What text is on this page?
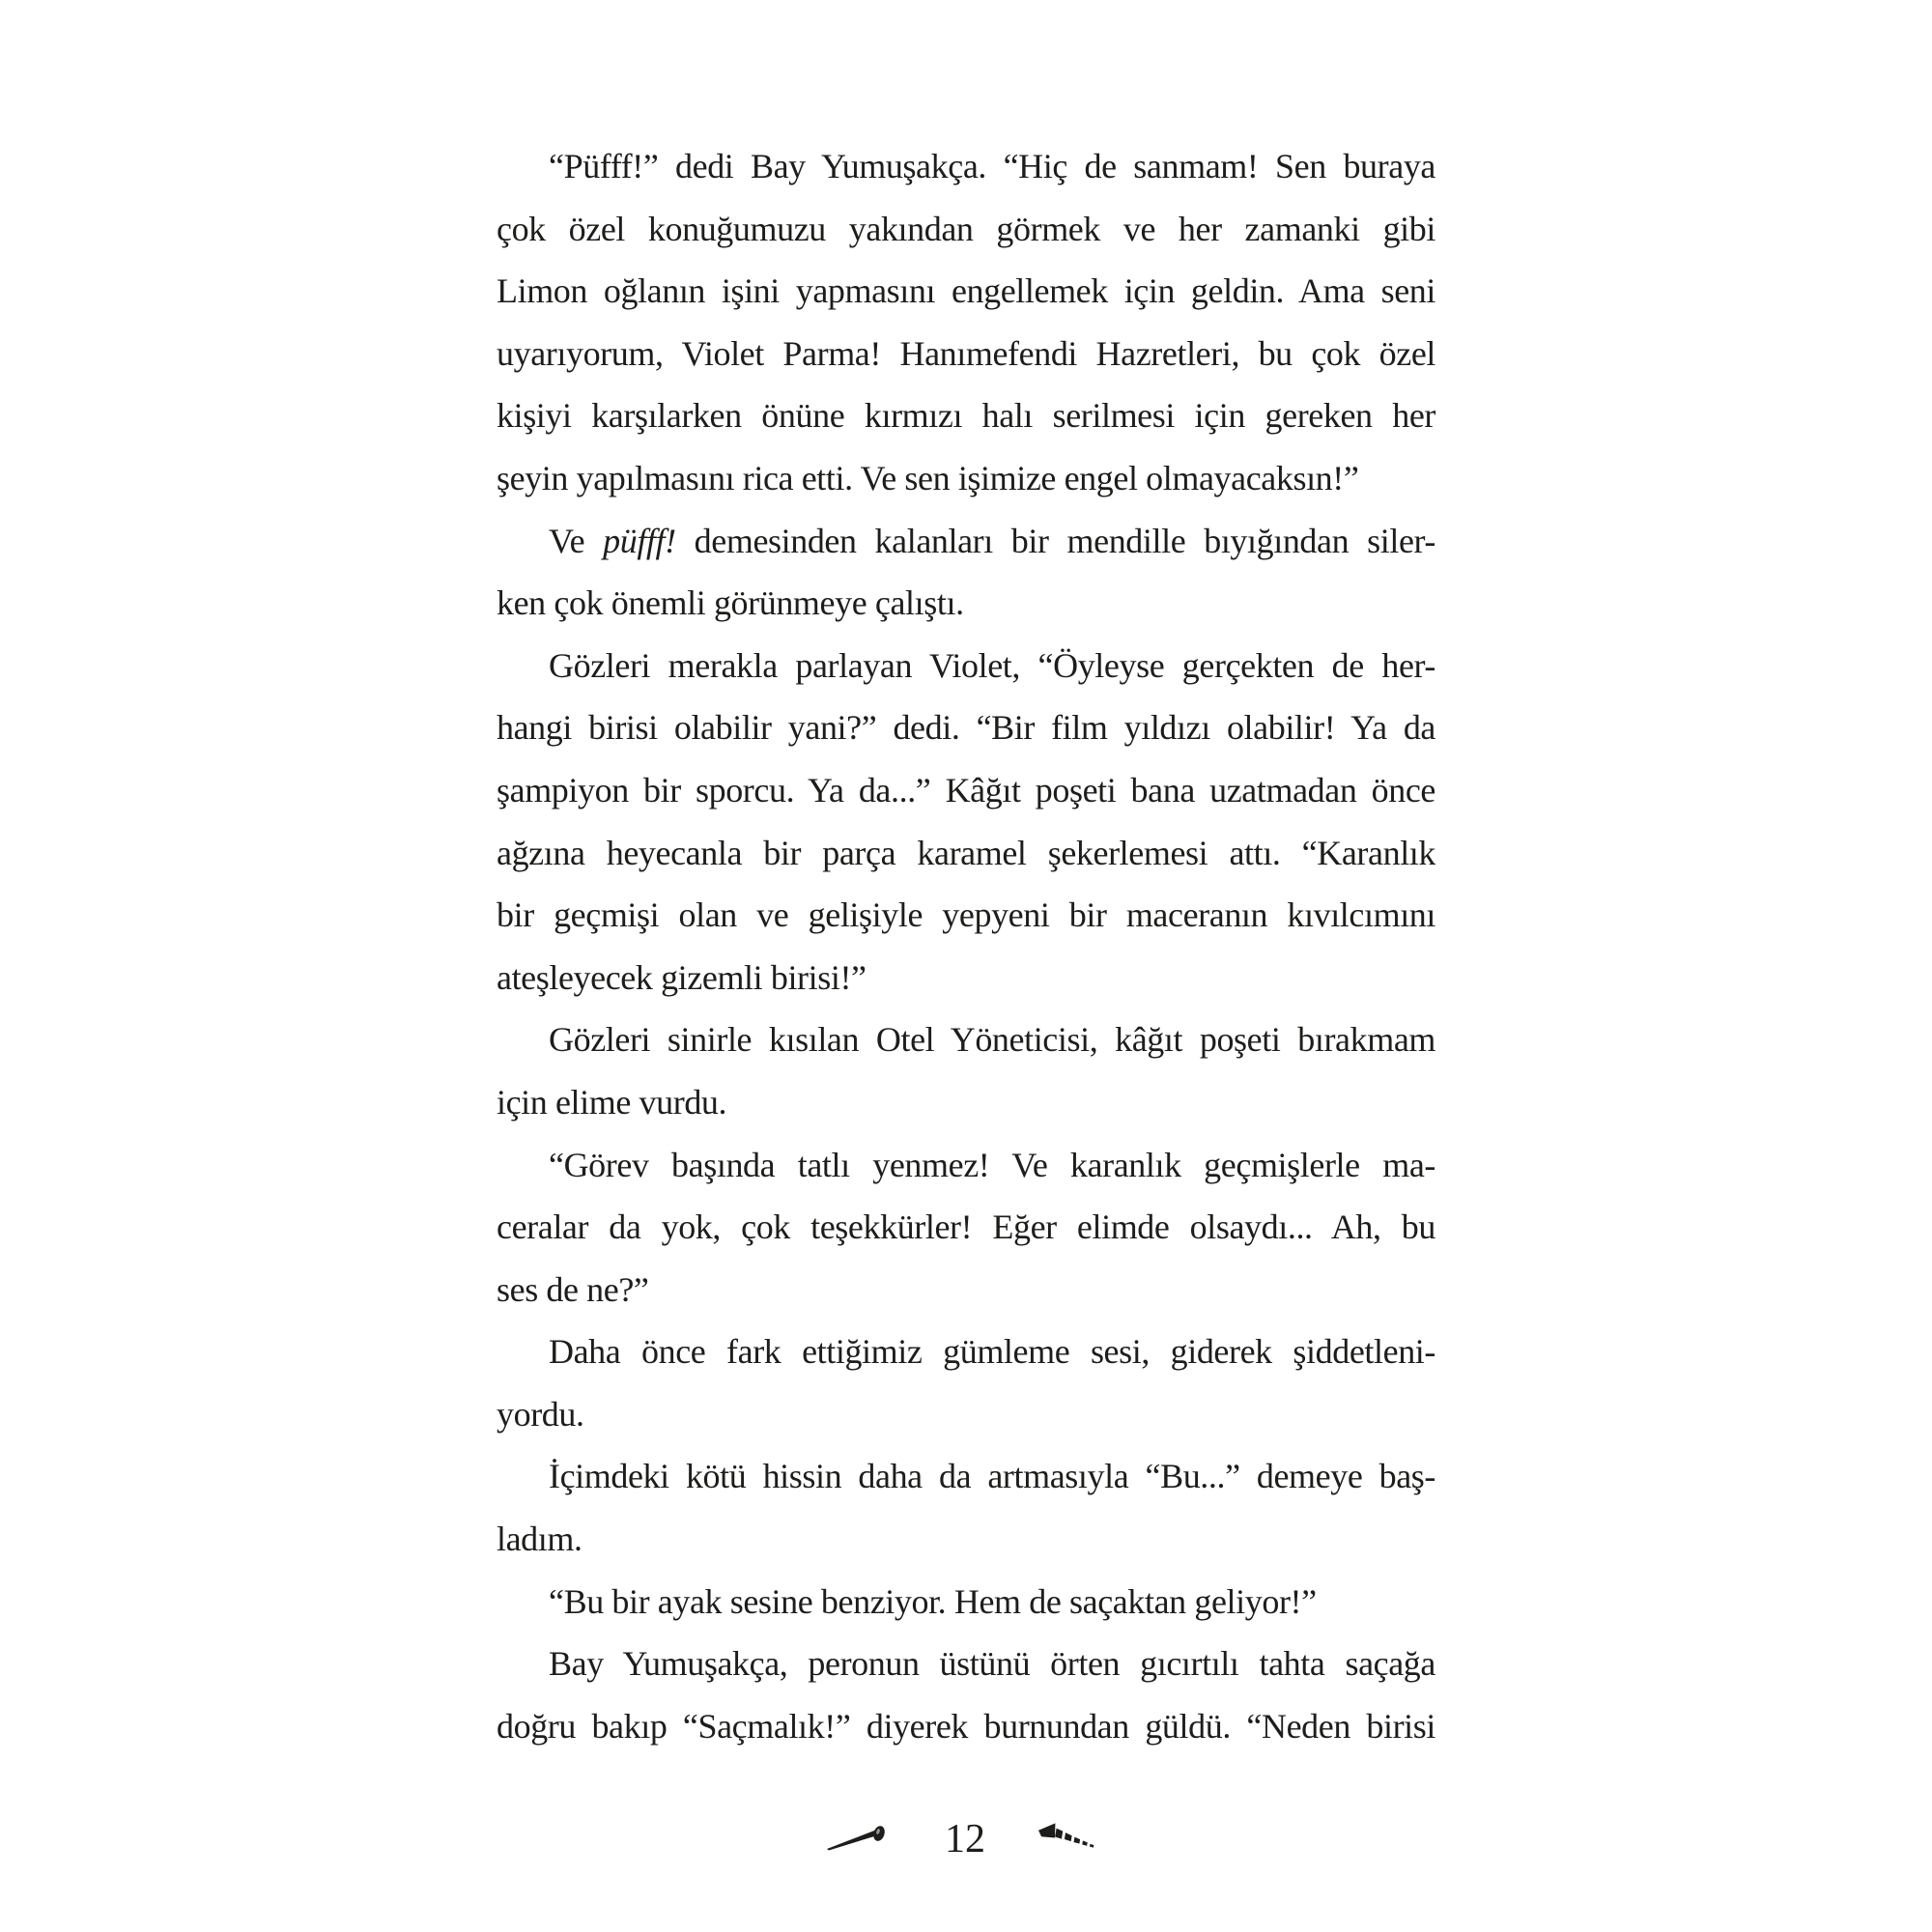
“Püfff!” dedi Bay Yumuşakça. “Hiç de sanmam! Sen buraya
çok özel konuğumuzu yakından görmek ve her zamanki gibi
Limon oğlanın işini yapmasını engellemek için geldin. Ama seni
uyarıyorum, Violet Parma! Hanımefendi Hazretleri, bu çok özel
kişiyi karşılarken önüne kırmızı halı serilmesi için gereken her
şeyin yapılmasını rica etti. Ve sen işimize engel olmayacaksın!”
Ve püfff! demesinden kalanları bir mendille bıyığından siler-
ken çok önemli görünmeye çalıştı.
Gözleri merakla parlayan Violet, “Öyleyse gerçekten de her-
hangi birisi olabilir yani?” dedi. “Bir film yıldızı olabilir! Ya da
şampiyon bir sporcu. Ya da...” Kâğıt poşeti bana uzatmadan önce
ağzına heyecanla bir parça karamel şekerlemesi attı. “Karanlık
bir geçmişi olan ve gelişiyle yepyeni bir maceranın kıvılcımını
ateşleyecek gizemli birisi!”
Gözleri sinirle kısılan Otel Yöneticisi, kâğıt poşeti bırakmam
için elime vurdu.
“Görev başında tatlı yenmez! Ve karanlık geçmişlerle ma-
ceralar da yok, çok teşekkürler! Eğer elimde olsaydı... Ah, bu
ses de ne?”
Daha önce fark ettiğimiz gümleme sesi, giderek şiddetleni-
yordu.
İçimdeki kötü hissin daha da artmasıyla “Bu...” demeye baş-
ladım.
“Bu bir ayak sesine benziyor. Hem de saçaktan geliyor!”
Bay Yumuşakça, peronun üstünü örten gıcırtılı tahta saçağa
doğru bakıp “Saçmalık!” diyerek burnundan güldü. “Neden birisi
12
